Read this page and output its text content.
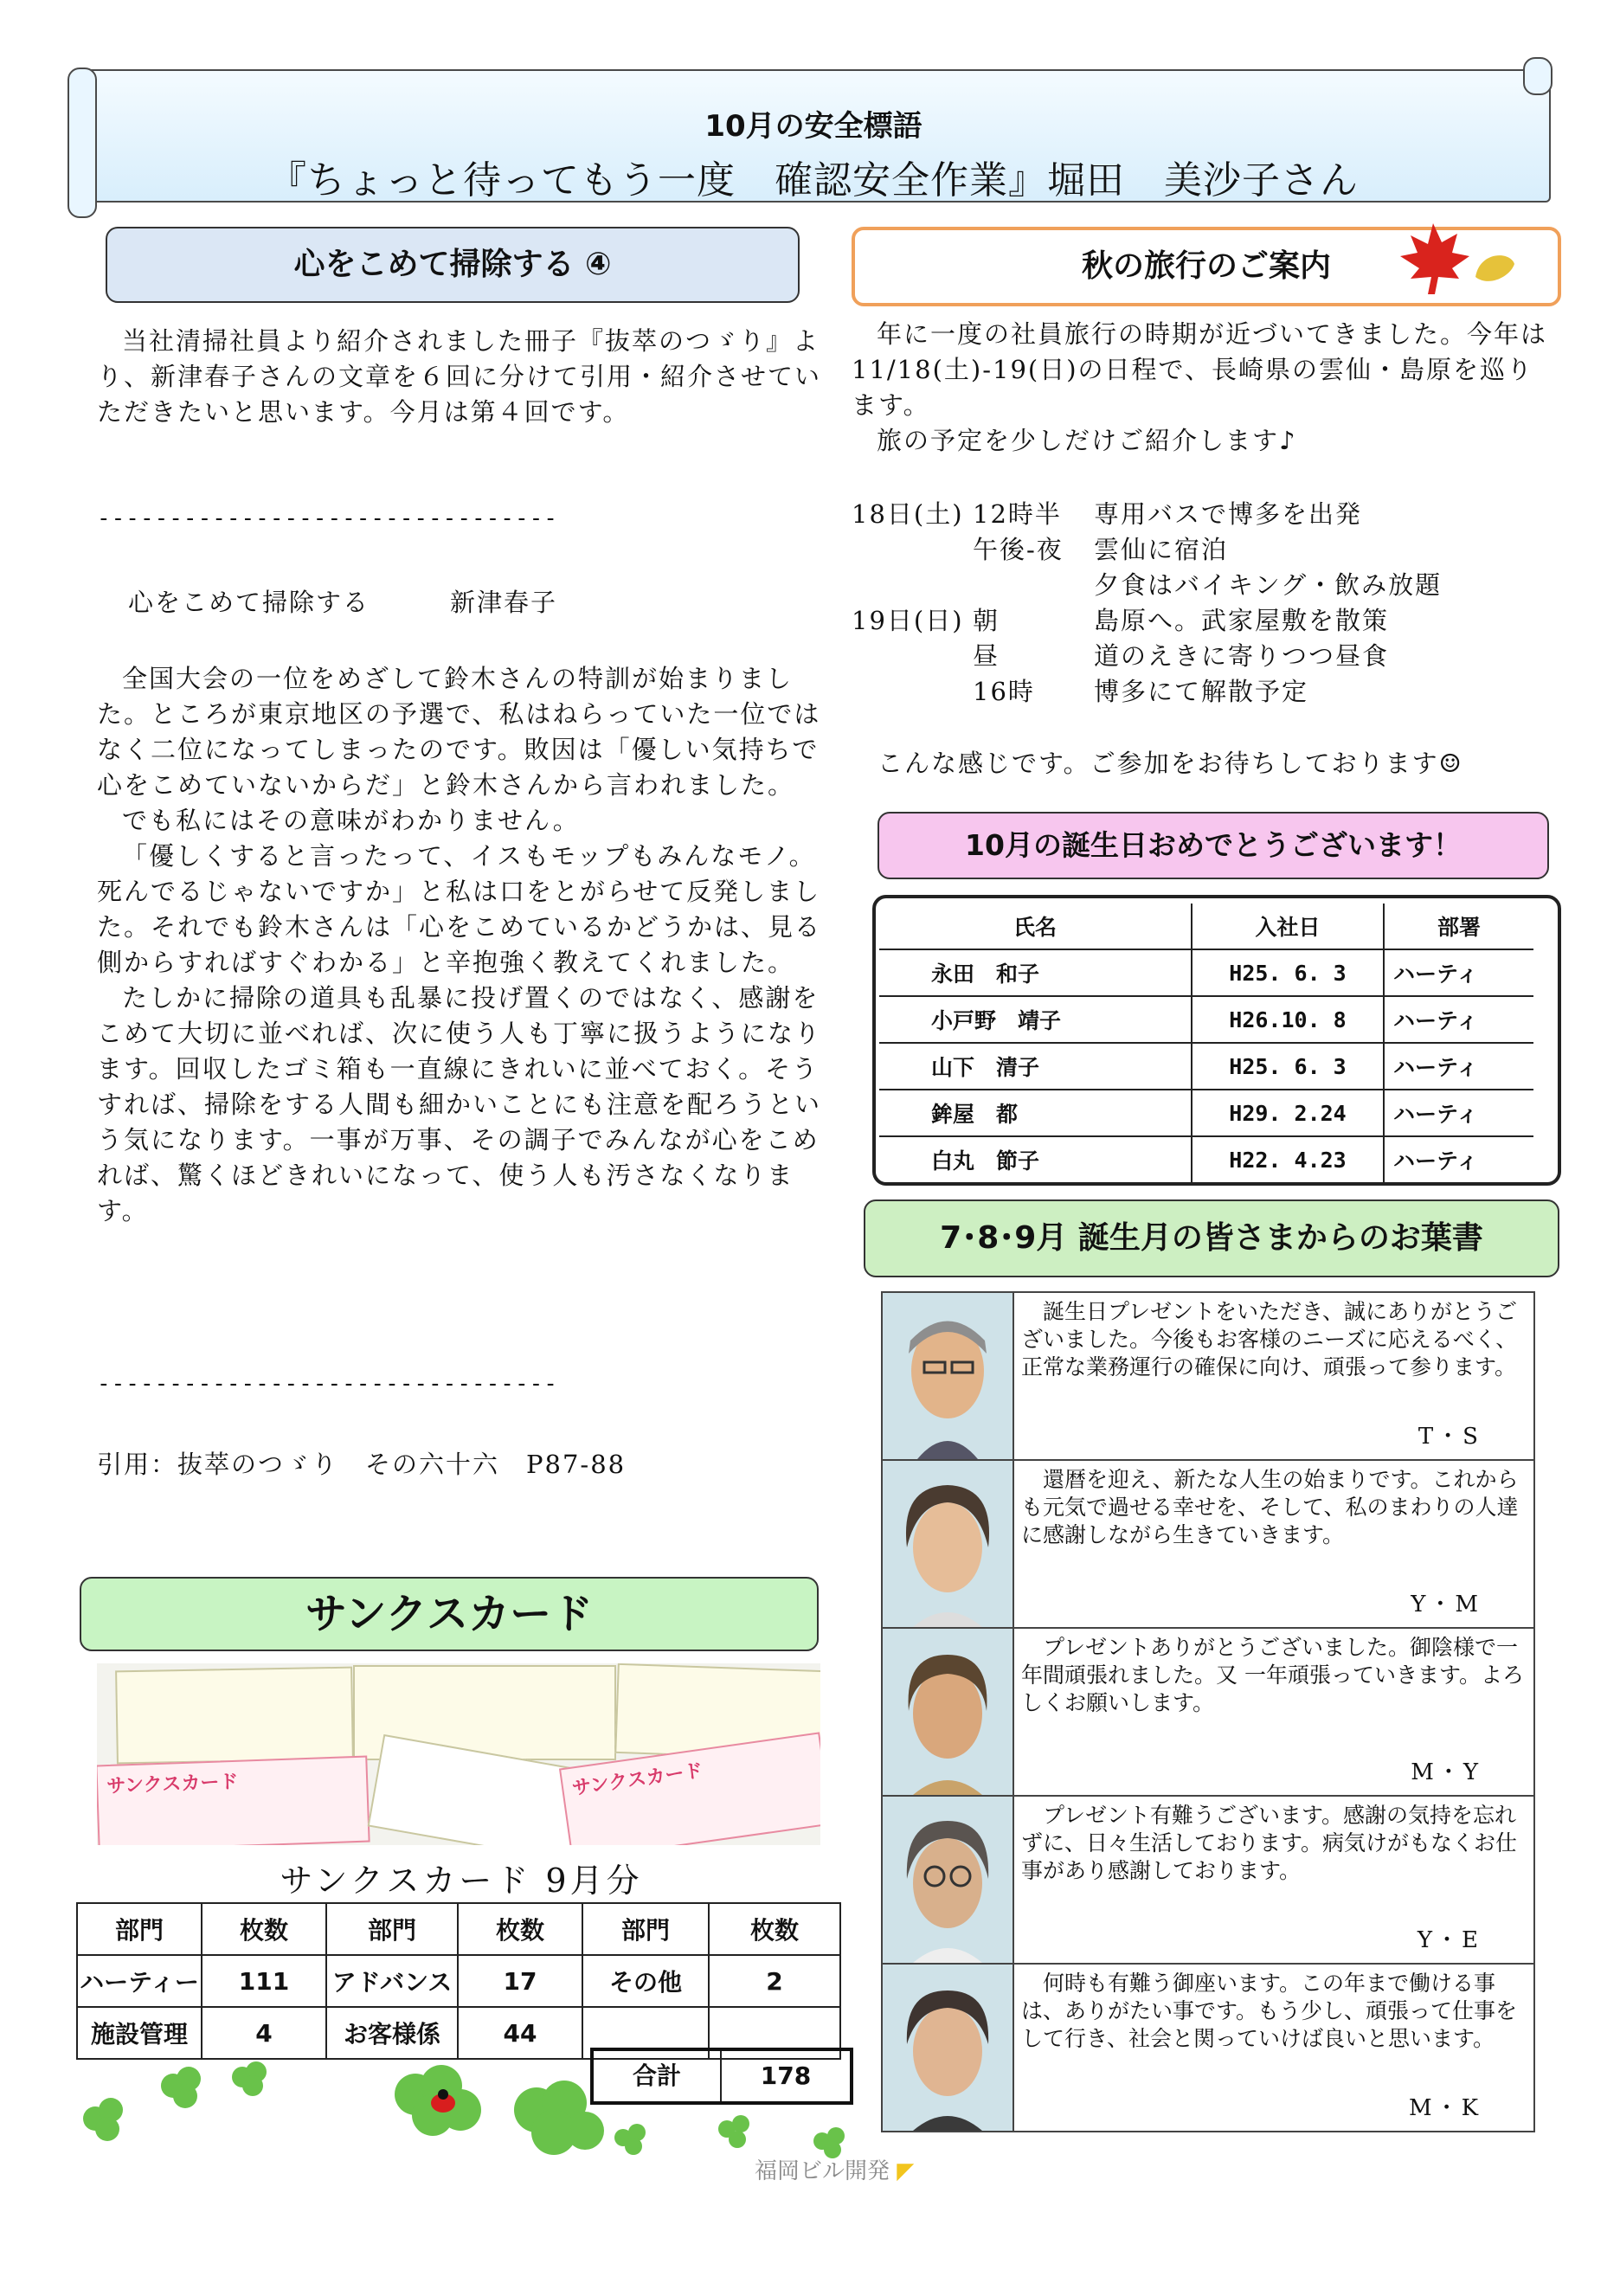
10月の安全標語
『ちょっと待ってもう一度　確認安全作業』堀田　美沙子さん
心をこめて掃除する ④

当社清掃社員より紹介されました冊子『抜萃のつゞり』より、新津春子さんの文章を６回に分けて引用・紹介させていただきたいと思います。今月は第４回です。

--------------------------------
心をこめて掃除する　　　新津春子

全国大会の一位をめざして鈴木さんの特訓が始まりました。ところが東京地区の予選で、私はねらっていた一位ではなく二位になってしまったのです。敗因は「優しい気持ちで心をこめていないからだ」と鈴木さんから言われました。

でも私にはその意味がわかりません。

「優しくすると言ったって、イスもモップもみんなモノ。死んでるじゃないですか」と私は口をとがらせて反発しました。それでも鈴木さんは「心をこめているかどうかは、見る側からすればすぐわかる」と辛抱強く教えてくれました。

たしかに掃除の道具も乱暴に投げ置くのではなく、感謝をこめて大切に並べれば、次に使う人も丁寧に扱うようになります。回収したゴミ箱も一直線にきれいに並べておく。そうすれば、掃除をする人間も細かいことにも注意を配ろうという気になります。一事が万事、その調子でみんなが心をこめれば、驚くほどきれいになって、使う人も汚さなくなります。

--------------------------------
引用：抜萃のつゞり　その六十六　P87-88
秋の旅行のご案内

年に一度の社員旅行の時期が近づいてきました。今年は11/18(土)-19(日)の日程で、長崎県の雲仙・島原を巡ります。

旅の予定を少しだけご紹介します♪

18日(土) 12時半	専用バスで博多を出発
午後-夜	雲仙に宿泊
夕食はバイキング・飲み放題
19日(日) 朝	島原へ。武家屋敷を散策
昼	道のえきに寄りつつ昼食
16時	博多にて解散予定
こんな感じです。ご参加をお待ちしております☺
10月の誕生日おめでとうございます！
氏名	入社日	部署
永田　和子	H25. 6. 3	ハーティ
小戸野　靖子	H26.10. 8	ハーティ
山下　清子	H25. 6. 3	ハーティ
鉾屋　都	H29. 2.24	ハーティ
白丸　節子	H22. 4.23	ハーティ
7･8･9月 誕生月の皆さまからのお葉書
誕生日プレゼントをいただき、誠にありがとうございました。今後もお客様のニーズに応えるべく、正常な業務運行の確保に向け、頑張って参ります。
T・S
還暦を迎え、新たな人生の始まりです。これからも元気で過せる幸せを、そして、私のまわりの人達に感謝しながら生きていきます。
Y・M
プレゼントありがとうございました。御陰様で一年間頑張れました。又 一年頑張っていきます。よろしくお願いします。
M・Y
プレゼント有難うございます。感謝の気持を忘れずに、日々生活しております。病気けがもなくお仕事があり感謝しております。
Y・E
何時も有難う御座います。この年まで働ける事は、ありがたい事です。もう少し、頑張って仕事をして行き、社会と関っていけば良いと思います。
M・K
サンクスカード
サンクスカード	サンクスカード
サンクスカード 9月分
部門	枚数	部門	枚数	部門	枚数
ハーティー	111	アドバンス	17	その他	2
施設管理	4	お客様係	44		
合計	178
福岡ビル開発 ◤
